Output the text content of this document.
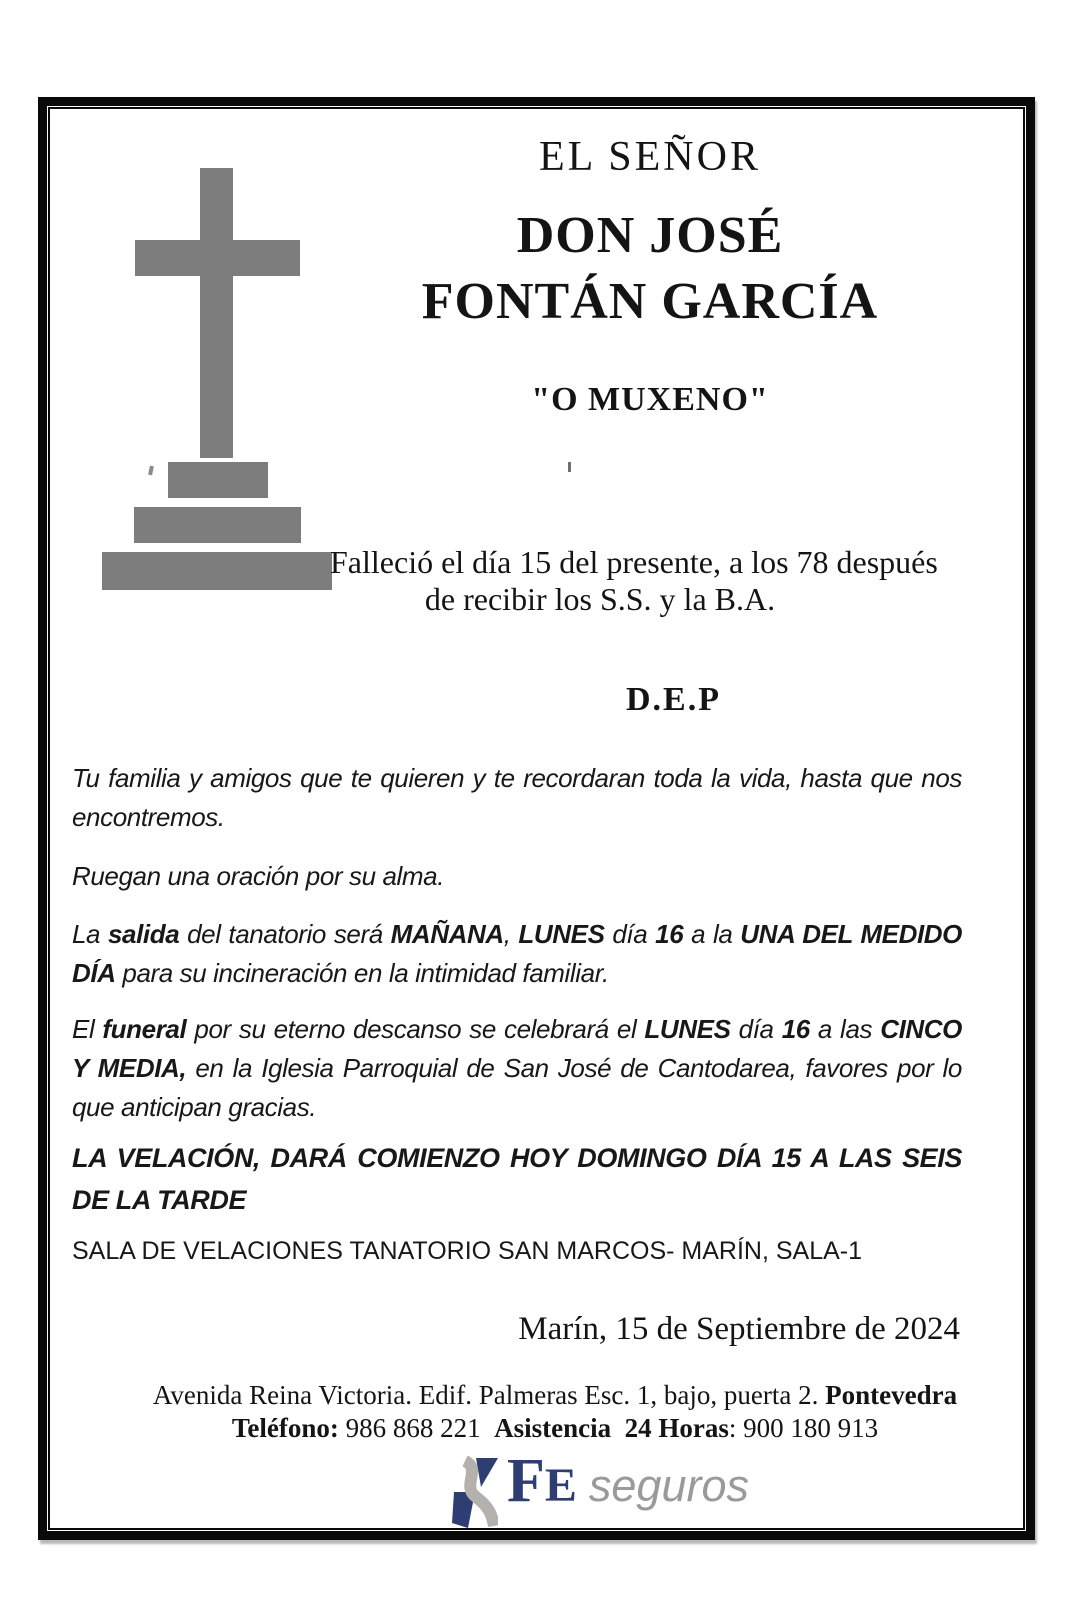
EL SEÑOR
DON JOSÉ
FONTÁN GARCÍA
"O MUXENO"
Falleció el día 15 del presente, a los 78 después
de recibir los S.S. y la B.A.
D.E.P

Tu familia y amigos que te quieren y te recordaran toda la vida, hasta que nos encontremos.

Ruegan una oración por su alma.

La salida del tanatorio será MAÑANA, LUNES día 16 a la UNA DEL MEDIDO DÍA para su incineración en la intimidad familiar.

El funeral por su eterno descanso se celebrará el LUNES día 16 a las CINCO Y MEDIA, en la Iglesia Parroquial de San José de Cantodarea, favores por lo que anticipan gracias.

LA VELACIÓN, DARÁ COMIENZO HOY DOMINGO DÍA 15 A LAS SEIS DE LA TARDE

SALA DE VELACIONES TANATORIO SAN MARCOS- MARÍN, SALA-1

Marín, 15 de Septiembre de 2024
Avenida Reina Victoria. Edif. Palmeras Esc. 1, bajo, puerta 2. Pontevedra
Teléfono: 986 868 221  Asistencia  24 Horas: 900 180 913
F E seguros
